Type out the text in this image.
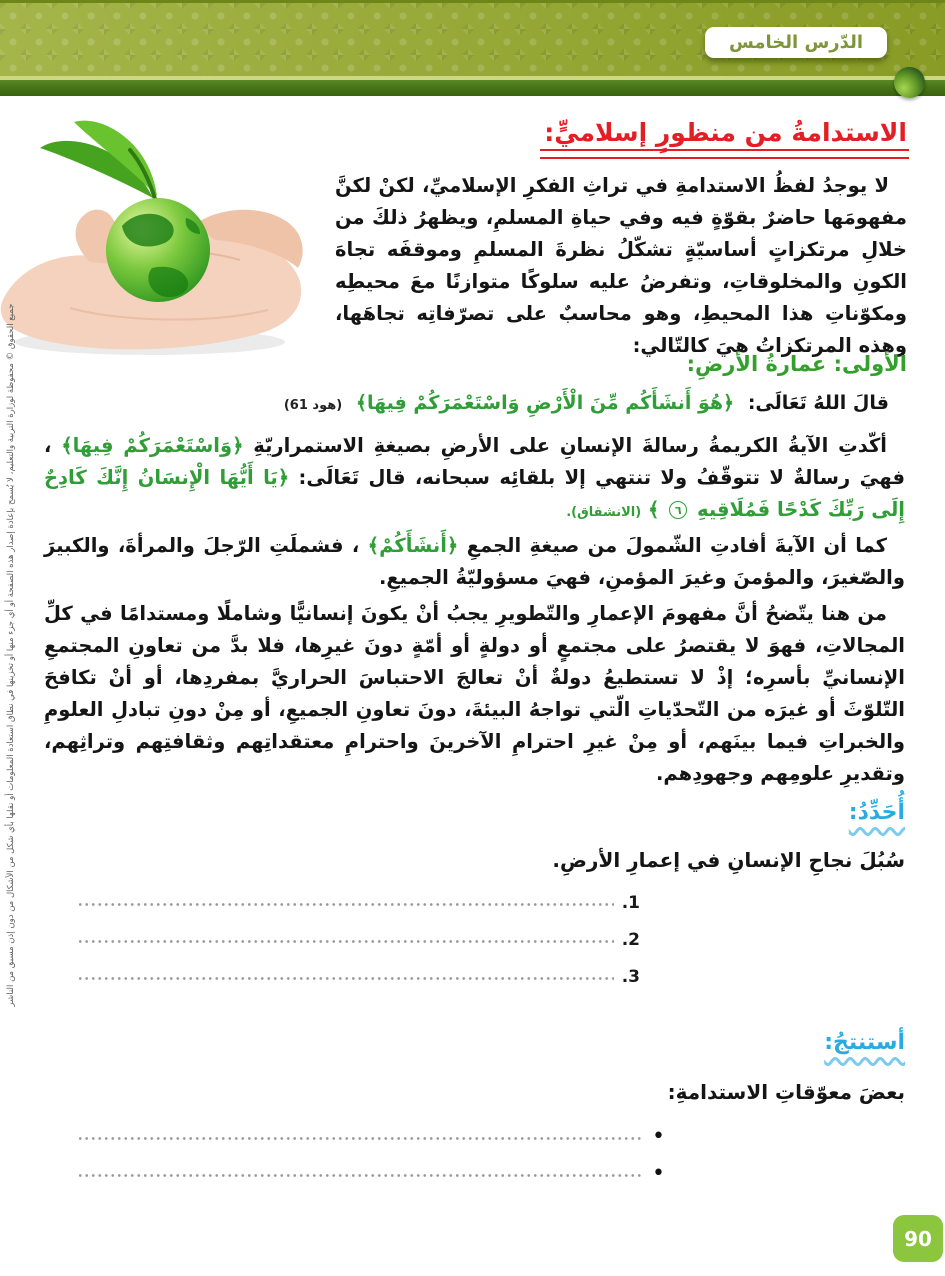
الدّرس الخامس
جميع الحقوق © محفوظة لوزارة التربية والتعليم، لا يُسمح بإعادة إصدار هذه الصفحة أو أي جزء منها أو تخزينها في نطاق استعادة المعلومات أو نقلها بأي شكل من الأشكال من دون إذن مسبق من الناشر
الاستدامةُ من منظورٍ إسلاميٍّ:

لا يوجدُ لفظُ الاستدامةِ في تراثِ الفكرِ الإسلاميِّ، لكنْ لكنَّ مفهومَها حاضرٌ بقوّةٍ فيه وفي حياةِ المسلمِ، ويظهرُ ذلكَ من خلالِ مرتكزاتٍ أساسيّةٍ تشكّلُ نظرةَ المسلمِ وموقفَه تجاهَ الكونِ والمخلوقاتِ، وتفرضُ عليه سلوكًا متوازنًا معَ محيطِه ومكوّناتِ هذا المحيطِ، وهو محاسبٌ على تصرّفاتِه تجاهَها، وهذه المرتكزاتُ هيَ كالتّالي:

الأولى: عمارةُ الأرضِ:
قالَ اللهُ تَعَالَى: ﴿هُوَ أَنشَأَكُم مِّنَ الْأَرْضِ وَاسْتَعْمَرَكُمْ فِيهَا﴾ (هود 61)

أكّدتِ الآيةُ الكريمةُ رسالةَ الإنسانِ على الأرضِ بصيغةِ الاستمراريّةِ ﴿وَاسْتَعْمَرَكُمْ فِيهَا﴾ ، فهيَ رسالةٌ لا تتوقّفُ ولا تنتهي إلا بلقائِه سبحانه، قال تَعَالَى: ﴿يَا أَيُّهَا الْإِنسَانُ إِنَّكَ كَادِحٌ إِلَى رَبِّكَ كَدْحًا فَمُلَاقِيهِ ٦ ﴾ (الانشقاق).

كما أن الآيةَ أفادتِ الشّمولَ من صيغةِ الجمعِ ﴿أَنشَأَكُمْ﴾ ، فشملَتِ الرّجلَ والمرأةَ، والكبيرَ والصّغيرَ، والمؤمنَ وغيرَ المؤمنِ، فهيَ مسؤوليّةُ الجميعِ.

من هنا يتّضحُ أنَّ مفهومَ الإعمارِ والتّطويرِ يجبُ أنْ يكونَ إنسانيًّا وشاملًا ومستدامًا في كلِّ المجالاتِ، فهوَ لا يقتصرُ على مجتمعٍ أو دولةٍ أو أمّةٍ دونَ غيرِها، فلا بدَّ من تعاونِ المجتمعِ الإنسانيِّ بأسرِه؛ إذْ لا تستطيعُ دولةٌ أنْ تعالجَ الاحتباسَ الحراريَّ بمفردِها، أو أنْ تكافحَ التّلوّثَ أو غيرَه من التّحدّياتِ الّتي تواجهُ البيئةَ، دونَ تعاونِ الجميعِ، أو مِنْ دونِ تبادلِ العلومِ والخبراتِ فيما بينَهم، أو مِنْ غيرِ احترامِ الآخرينَ واحترامِ معتقداتِهم وثقافتِهم وتراثِهم، وتقديرِ علومِهم وجهودِهم.

أُحَدِّدُ:

سُبُلَ نجاحِ الإنسانِ في إعمارِ الأرضِ.

1.
2.
3.
أستنتجُ:

بعضَ معوّقاتِ الاستدامةِ:

•
•
90
